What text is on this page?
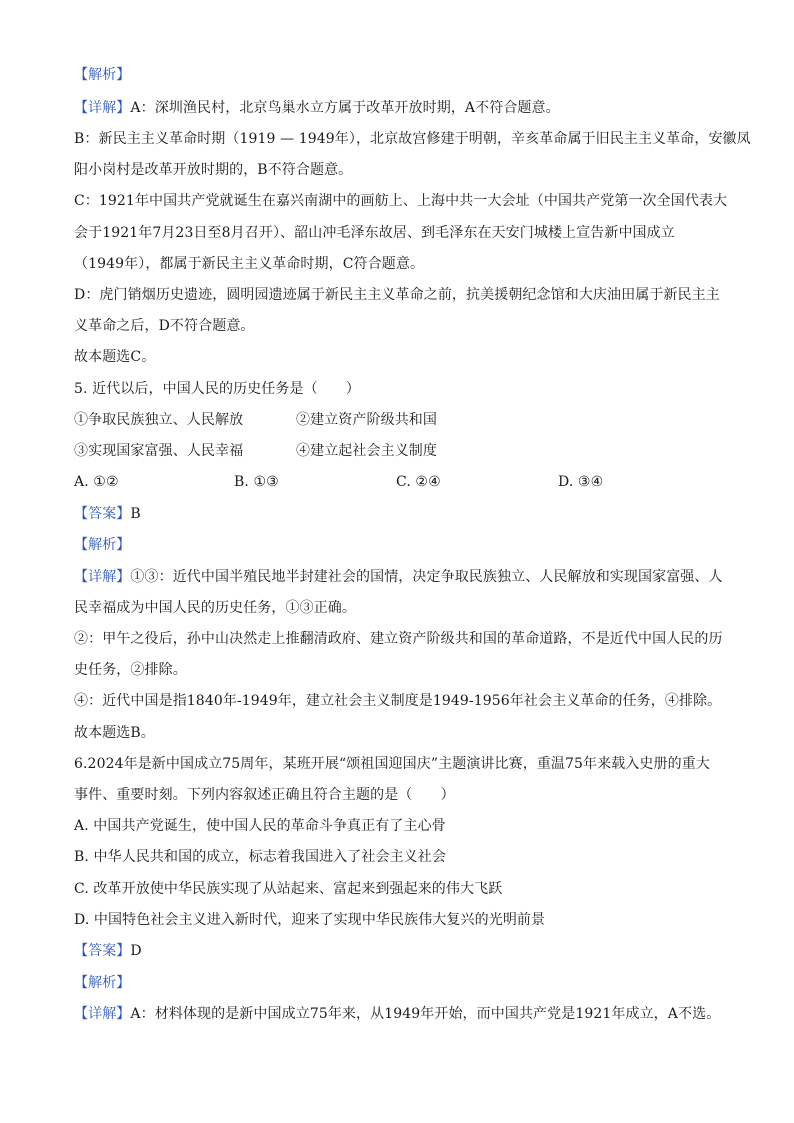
【解析】
【详解】A：深圳渔民村，北京鸟巢水立方属于改革开放时期，A不符合题意。
B：新民主主义革命时期（1919 — 1949年），北京故宫修建于明朝，辛亥革命属于旧民主主义革命，安徽凤
阳小岗村是改革开放时期的，B不符合题意。
C：1921年中国共产党就诞生在嘉兴南湖中的画舫上、上海中共一大会址（中国共产党第一次全国代表大
会于1921年7月23日至8月召开）、韶山冲毛泽东故居、到毛泽东在天安门城楼上宣告新中国成立
（1949年），都属于新民主主义革命时期，C符合题意。
D：虎门销烟历史遗迹，圆明园遗迹属于新民主主义革命之前，抗美援朝纪念馆和大庆油田属于新民主主
义革命之后，D不符合题意。
故本题选C。
5. 近代以后，中国人民的历史任务是（　　）
①争取民族独立、人民解放	②建立资产阶级共和国
③实现国家富强、人民幸福	④建立起社会主义制度
A. ①②	B. ①③	C. ②④	D. ③④
【答案】B
【解析】
【详解】①③：近代中国半殖民地半封建社会的国情，决定争取民族独立、人民解放和实现国家富强、人
民幸福成为中国人民的历史任务，①③正确。
②：甲午之役后，孙中山决然走上推翻清政府、建立资产阶级共和国的革命道路，不是近代中国人民的历
史任务，②排除。
④：近代中国是指1840年-1949年，建立社会主义制度是1949-1956年社会主义革命的任务，④排除。
故本题选B。
6.2024年是新中国成立75周年，某班开展“颂祖国迎国庆”主题演讲比赛，重温75年来载入史册的重大
事件、重要时刻。下列内容叙述正确且符合主题的是（　　）
A. 中国共产党诞生，使中国人民的革命斗争真正有了主心骨
B. 中华人民共和国的成立，标志着我国进入了社会主义社会
C. 改革开放使中华民族实现了从站起来、富起来到强起来的伟大飞跃
D. 中国特色社会主义进入新时代，迎来了实现中华民族伟大复兴的光明前景
【答案】D
【解析】
【详解】A：材料体现的是新中国成立75年来，从1949年开始，而中国共产党是1921年成立，A不选。
